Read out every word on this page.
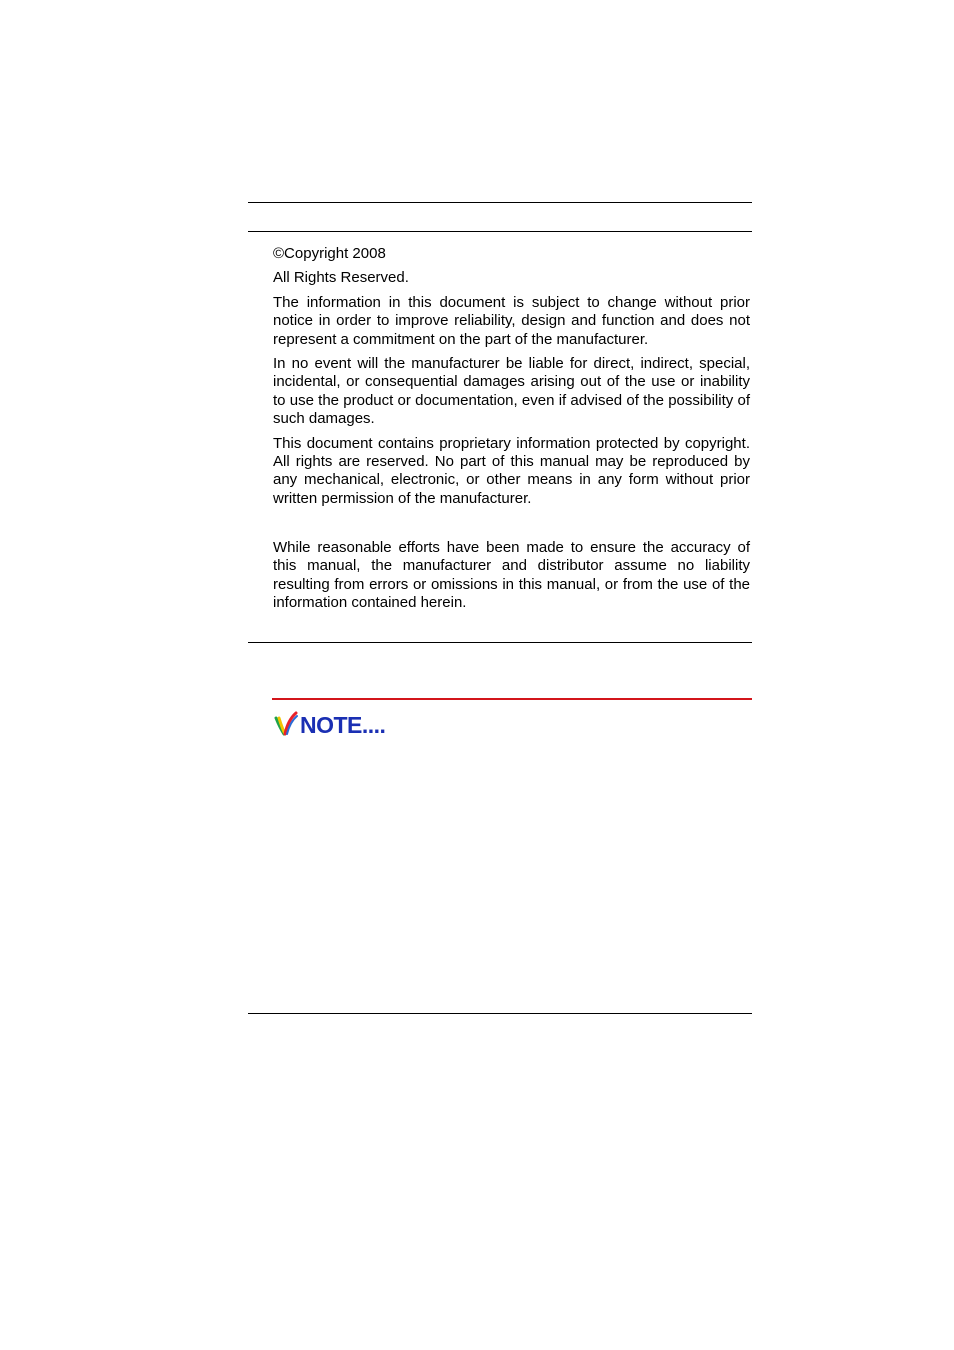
©Copyright 2008

All Rights Reserved.

The information in this document is subject to change without prior notice in order to improve reliability, design and function and does not represent a commitment on the part of the manufacturer.

In no event will the manufacturer be liable for direct, indirect, special, incidental, or consequential damages arising out of the use or inability to use the product or documentation, even if advised of the possibility of such damages.

This document contains proprietary information protected by copyright. All rights are reserved. No part of this manual may be reproduced by any mechanical, electronic, or other means in any form without prior written permission of the manufacturer.

While reasonable efforts have been made to ensure the accuracy of this manual, the manufacturer and distributor assume no liability resulting from errors or omissions in this manual, or from the use of the information contained herein.

NOTE....
